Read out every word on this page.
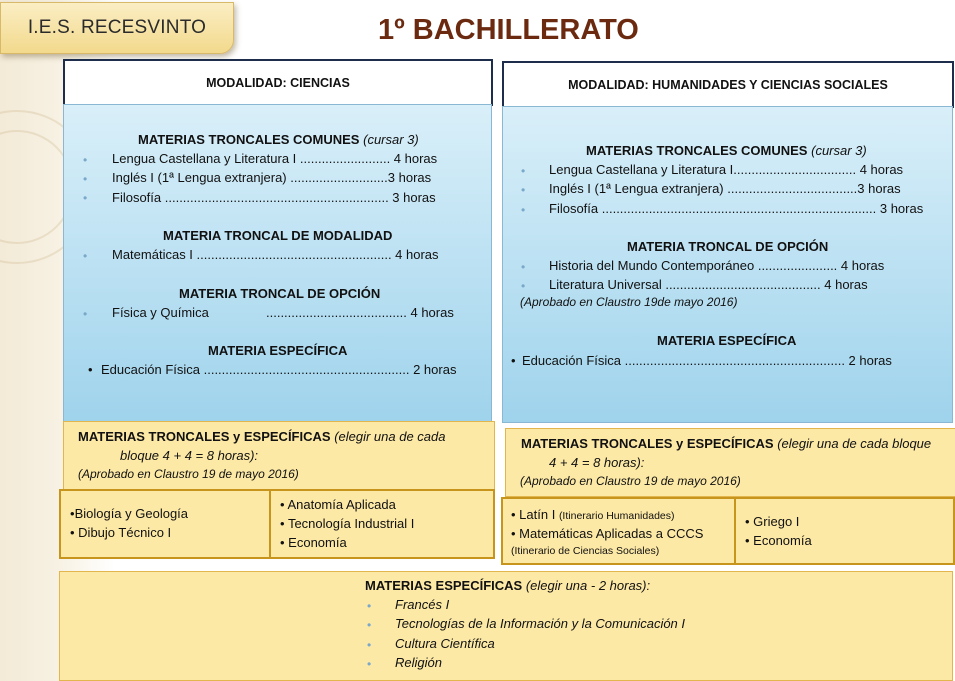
I.E.S. RECESVINTO	1º BACHILLERATO
MODALIDAD: CIENCIAS
MATERIAS TRONCALES COMUNES (cursar 3)
• Lengua Castellana y Literatura I ......................... 4 horas
• Inglés I (1ª Lengua extranjera) ...........................3 horas
• Filosofía .............................................................. 3 horas
MATERIA TRONCAL DE MODALIDAD
• Matemáticas I ...................................................... 4 horas
MATERIA TRONCAL DE OPCIÓN
• Física y Química	....................................... 4 horas
MATERIA ESPECÍFICA
• Educación Física ......................................................... 2 horas
MATERIAS TRONCALES y ESPECÍFICAS (elegir una de cada
bloque 4 + 4 = 8 horas):
(Aprobado en Claustro 19 de mayo 2016)
•Biología y Geología
• Dibujo Técnico I
• Anatomía Aplicada
• Tecnología Industrial I
• Economía
MODALIDAD: HUMANIDADES Y CIENCIAS SOCIALES
MATERIAS TRONCALES COMUNES (cursar 3)
• Lengua Castellana y Literatura I.................................. 4 horas
• Inglés I (1ª Lengua extranjera) ....................................3 horas
• Filosofía ............................................................................ 3 horas
MATERIA TRONCAL DE OPCIÓN
• Historia del Mundo Contemporáneo ...................... 4 horas
• Literatura Universal ........................................... 4 horas
(Aprobado en Claustro 19de mayo 2016)
MATERIA ESPECÍFICA
• Educación Física ............................................................. 2 horas
MATERIAS TRONCALES y ESPECÍFICAS (elegir una de cada bloque
4 + 4 = 8 horas):
(Aprobado en Claustro 19 de mayo 2016)
• Latín I (Itinerario Humanidades)
• Matemáticas Aplicadas a CCCS
(Itinerario de Ciencias Sociales)
• Griego I
• Economía
MATERIAS ESPECÍFICAS (elegir una - 2 horas):
• Francés I
• Tecnologías de la Información y la Comunicación I
• Cultura Científica
• Religión
